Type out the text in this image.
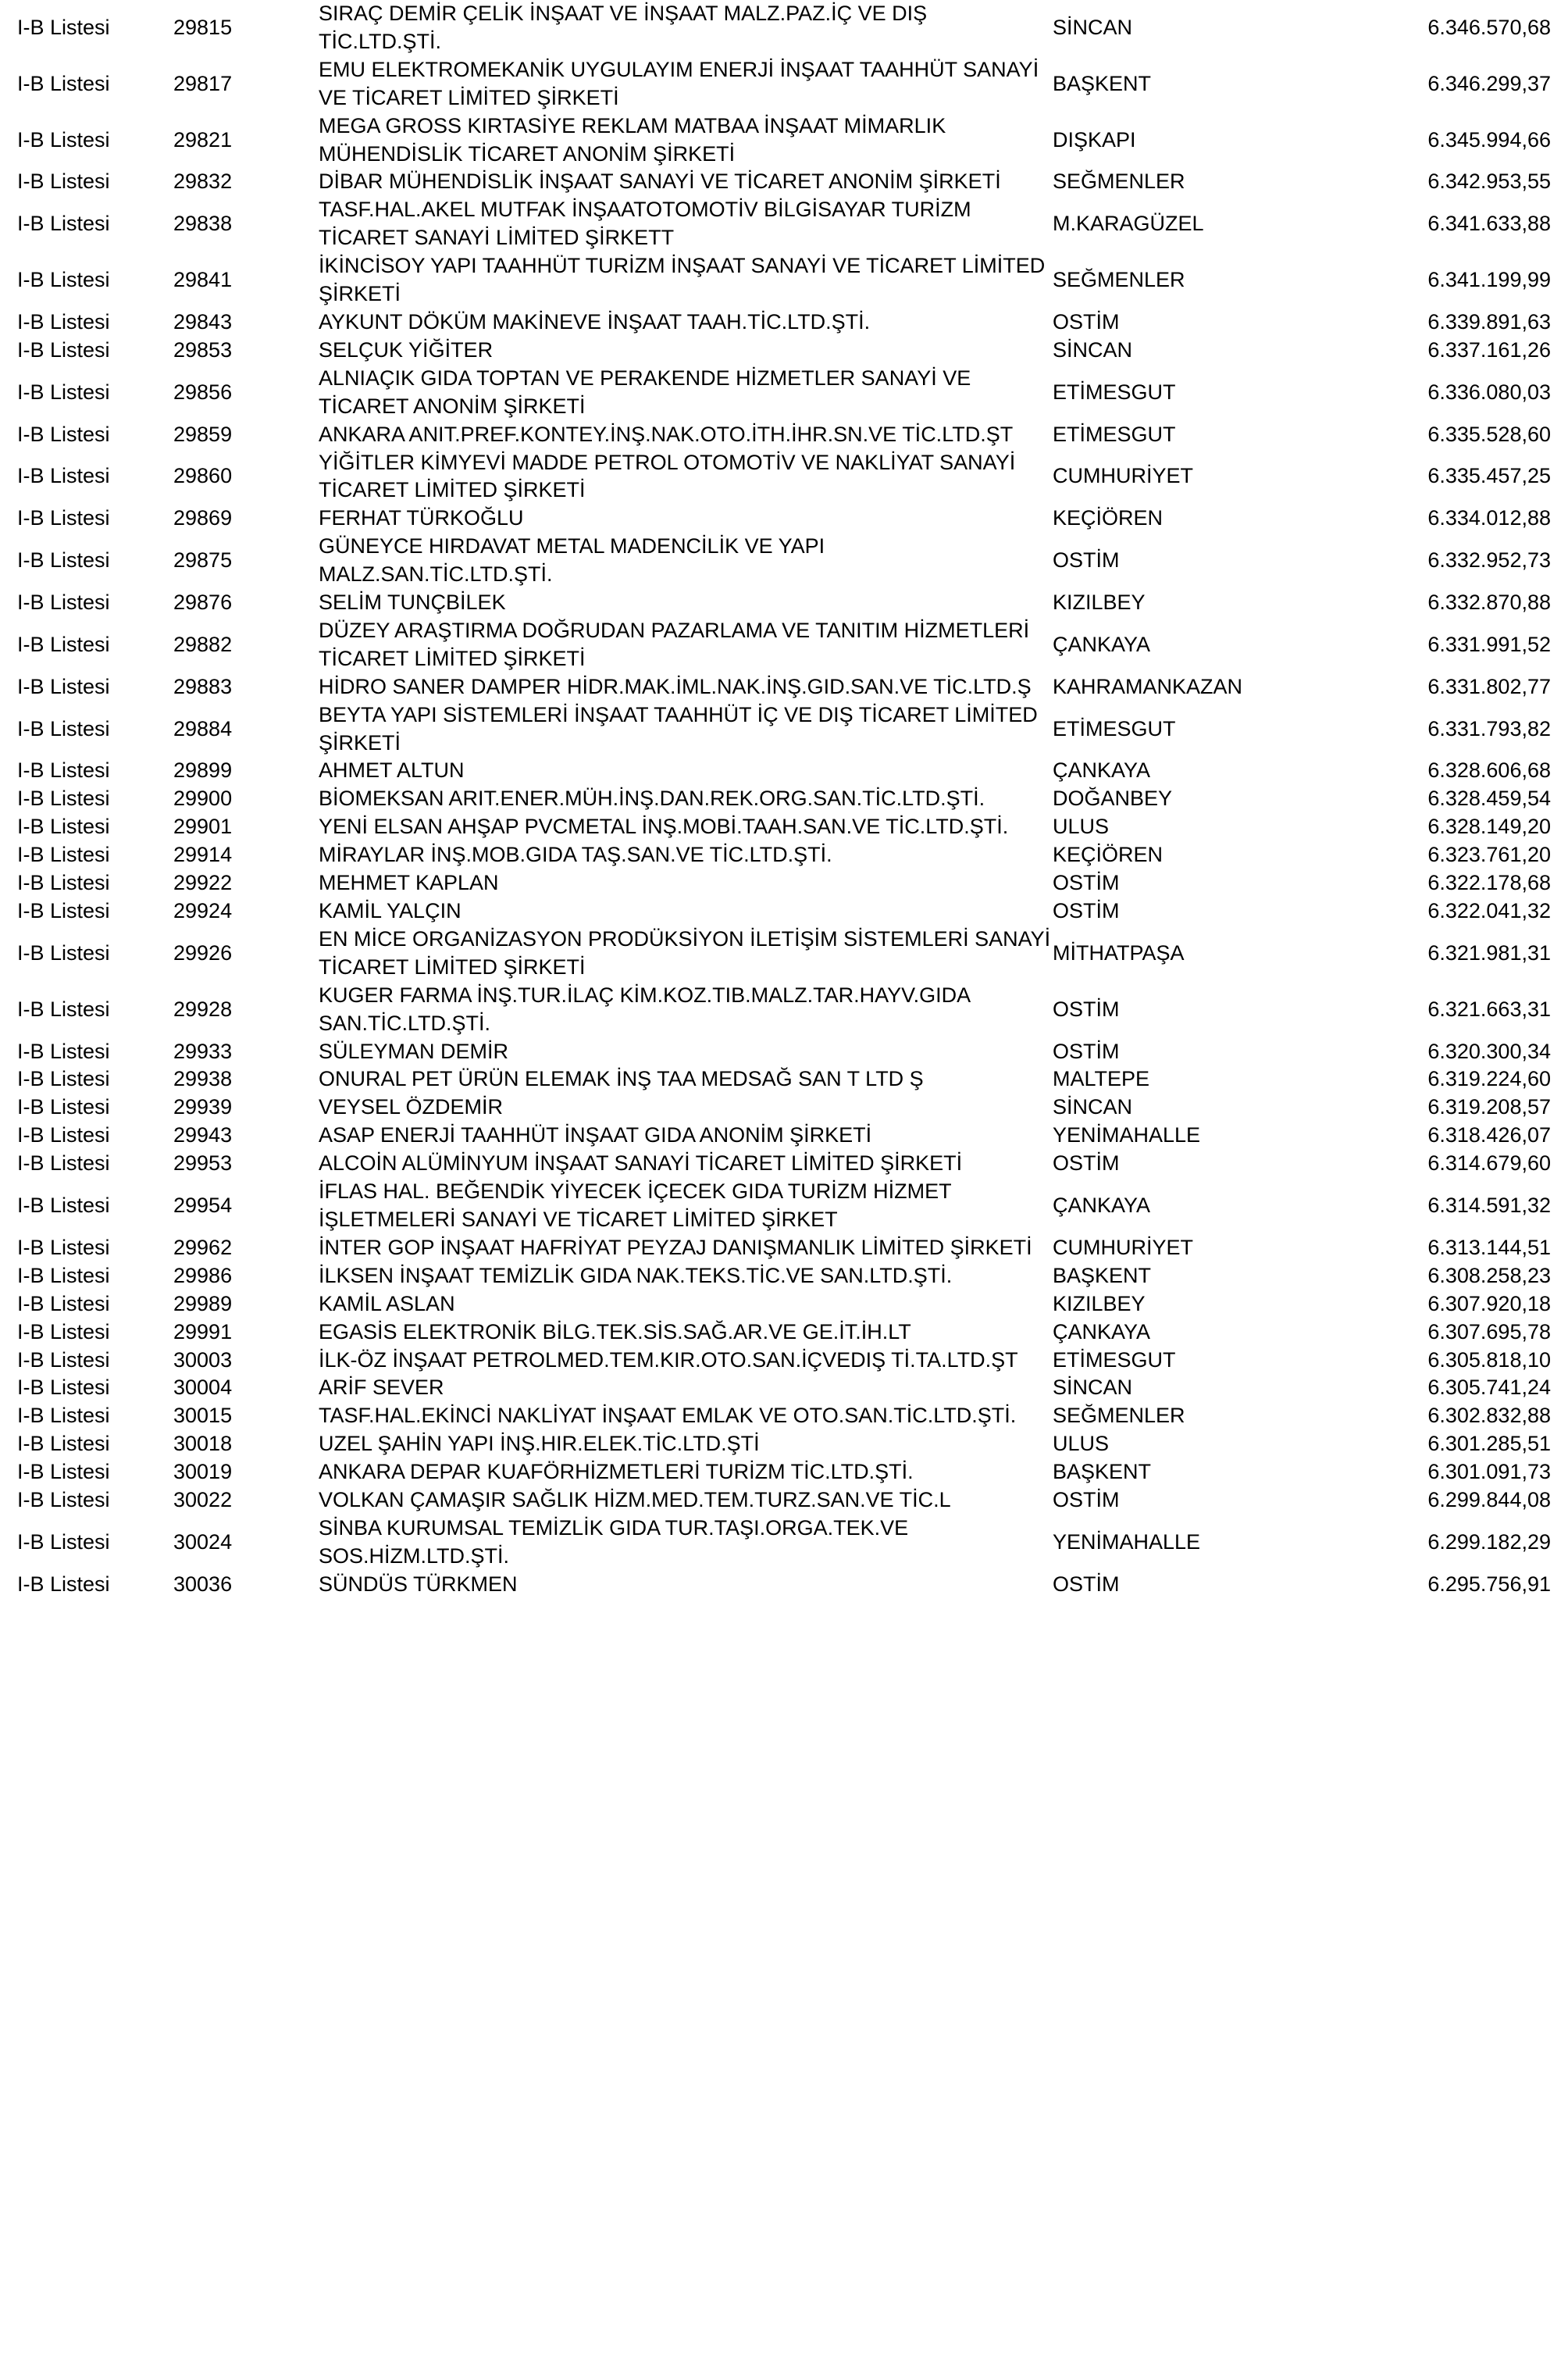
I-B Listesi	29815	SIRAÇ DEMİR ÇELİK İNŞAAT VE İNŞAAT MALZ.PAZ.İÇ VE DIŞ TİC.LTD.ŞTİ.	SİNCAN	6.346.570,68
I-B Listesi	29817	EMU ELEKTROMEKANİK UYGULAYIM ENERJİ İNŞAAT TAAHHÜT SANAYİ VE TİCARET LİMİTED ŞİRKETİ	BAŞKENT	6.346.299,37
I-B Listesi	29821	MEGA GROSS KIRTASİYE REKLAM MATBAA İNŞAAT MİMARLIK MÜHENDİSLİK TİCARET ANONİM ŞİRKETİ	DIŞKAPI	6.345.994,66
I-B Listesi	29832	DİBAR MÜHENDİSLİK İNŞAAT SANAYİ VE TİCARET ANONİM ŞİRKETİ	SEĞMENLER	6.342.953,55
I-B Listesi	29838	TASF.HAL.AKEL MUTFAK İNŞAATOTOMOTİV BİLGİSAYAR TURİZM TİCARET SANAYİ LİMİTED ŞİRKETT	M.KARAGÜZEL	6.341.633,88
I-B Listesi	29841	İKİNCİSOY YAPI TAAHHÜT TURİZM İNŞAAT SANAYİ VE TİCARET LİMİTED ŞİRKETİ	SEĞMENLER	6.341.199,99
I-B Listesi	29843	AYKUNT DÖKÜM MAKİNEVE İNŞAAT TAAH.TİC.LTD.ŞTİ.	OSTİM	6.339.891,63
I-B Listesi	29853	SELÇUK YİĞİTER	SİNCAN	6.337.161,26
I-B Listesi	29856	ALNIAÇIK GIDA TOPTAN VE PERAKENDE HİZMETLER SANAYİ VE TİCARET ANONİM ŞİRKETİ	ETİMESGUT	6.336.080,03
I-B Listesi	29859	ANKARA ANIT.PREF.KONTEY.İNŞ.NAK.OTO.İTH.İHR.SN.VE TİC.LTD.ŞT	ETİMESGUT	6.335.528,60
I-B Listesi	29860	YİĞİTLER KİMYEVİ MADDE PETROL OTOMOTİV VE NAKLİYAT SANAYİ TİCARET LİMİTED ŞİRKETİ	CUMHURİYET	6.335.457,25
I-B Listesi	29869	FERHAT TÜRKOĞLU	KEÇİÖREN	6.334.012,88
I-B Listesi	29875	GÜNEYCE HIRDAVAT METAL MADENCİLİK VE YAPI MALZ.SAN.TİC.LTD.ŞTİ.	OSTİM	6.332.952,73
I-B Listesi	29876	SELİM TUNÇBİLEK	KIZILBEY	6.332.870,88
I-B Listesi	29882	DÜZEY ARAŞTIRMA DOĞRUDAN PAZARLAMA VE TANITIM HİZMETLERİ TİCARET LİMİTED ŞİRKETİ	ÇANKAYA	6.331.991,52
I-B Listesi	29883	HİDRO SANER DAMPER HİDR.MAK.İML.NAK.İNŞ.GID.SAN.VE TİC.LTD.Ş	KAHRAMANKAZAN	6.331.802,77
I-B Listesi	29884	BEYTA YAPI SİSTEMLERİ İNŞAAT TAAHHÜT İÇ VE DIŞ TİCARET LİMİTED ŞİRKETİ	ETİMESGUT	6.331.793,82
I-B Listesi	29899	AHMET ALTUN	ÇANKAYA	6.328.606,68
I-B Listesi	29900	BİOMEKSAN ARIT.ENER.MÜH.İNŞ.DAN.REK.ORG.SAN.TİC.LTD.ŞTİ.	DOĞANBEY	6.328.459,54
I-B Listesi	29901	YENİ ELSAN AHŞAP PVCMETAL İNŞ.MOBİ.TAAH.SAN.VE TİC.LTD.ŞTİ.	ULUS	6.328.149,20
I-B Listesi	29914	MİRAYLAR İNŞ.MOB.GIDA TAŞ.SAN.VE TİC.LTD.ŞTİ.	KEÇİÖREN	6.323.761,20
I-B Listesi	29922	MEHMET KAPLAN	OSTİM	6.322.178,68
I-B Listesi	29924	KAMİL YALÇIN	OSTİM	6.322.041,32
I-B Listesi	29926	EN MİCE ORGANİZASYON PRODÜKSİYON İLETİŞİM SİSTEMLERİ SANAYİ TİCARET LİMİTED ŞİRKETİ	MİTHATPAŞA	6.321.981,31
I-B Listesi	29928	KUGER FARMA İNŞ.TUR.İLAÇ KİM.KOZ.TIB.MALZ.TAR.HAYV.GIDA SAN.TİC.LTD.ŞTİ.	OSTİM	6.321.663,31
I-B Listesi	29933	SÜLEYMAN DEMİR	OSTİM	6.320.300,34
I-B Listesi	29938	ONURAL PET ÜRÜN ELEMAK İNŞ TAA MEDSAĞ SAN T LTD Ş	MALTEPE	6.319.224,60
I-B Listesi	29939	VEYSEL ÖZDEMİR	SİNCAN	6.319.208,57
I-B Listesi	29943	ASAP ENERJİ TAAHHÜT İNŞAAT GIDA ANONİM ŞİRKETİ	YENİMAHALLE	6.318.426,07
I-B Listesi	29953	ALCOİN ALÜMİNYUM İNŞAAT SANAYİ TİCARET LİMİTED ŞİRKETİ	OSTİM	6.314.679,60
I-B Listesi	29954	İFLAS HAL. BEĞENDİK YİYECEK İÇECEK GIDA TURİZM HİZMET İŞLETMELERİ SANAYİ VE TİCARET LİMİTED ŞİRKET	ÇANKAYA	6.314.591,32
I-B Listesi	29962	İNTER GOP İNŞAAT HAFRİYAT PEYZAJ DANIŞMANLIK LİMİTED ŞİRKETİ	CUMHURİYET	6.313.144,51
I-B Listesi	29986	İLKSEN İNŞAAT TEMİZLİK GIDA NAK.TEKS.TİC.VE SAN.LTD.ŞTİ.	BAŞKENT	6.308.258,23
I-B Listesi	29989	KAMİL ASLAN	KIZILBEY	6.307.920,18
I-B Listesi	29991	EGASİS ELEKTRONİK BİLG.TEK.SİS.SAĞ.AR.VE GE.İT.İH.LT	ÇANKAYA	6.307.695,78
I-B Listesi	30003	İLK-ÖZ İNŞAAT PETROLMED.TEM.KIR.OTO.SAN.İÇVEDIŞ Tİ.TA.LTD.ŞT	ETİMESGUT	6.305.818,10
I-B Listesi	30004	ARİF SEVER	SİNCAN	6.305.741,24
I-B Listesi	30015	TASF.HAL.EKİNCİ NAKLİYAT İNŞAAT EMLAK VE OTO.SAN.TİC.LTD.ŞTİ.	SEĞMENLER	6.302.832,88
I-B Listesi	30018	UZEL ŞAHİN YAPI İNŞ.HIR.ELEK.TİC.LTD.ŞTİ	ULUS	6.301.285,51
I-B Listesi	30019	ANKARA DEPAR KUAFÖRHİZMETLERİ TURİZM TİC.LTD.ŞTİ.	BAŞKENT	6.301.091,73
I-B Listesi	30022	VOLKAN ÇAMAŞIR SAĞLIK HİZM.MED.TEM.TURZ.SAN.VE TİC.L	OSTİM	6.299.844,08
I-B Listesi	30024	SİNBA KURUMSAL TEMİZLİK GIDA TUR.TAŞI.ORGA.TEK.VE SOS.HİZM.LTD.ŞTİ.	YENİMAHALLE	6.299.182,29
I-B Listesi	30036	SÜNDÜS TÜRKMEN	OSTİM	6.295.756,91
